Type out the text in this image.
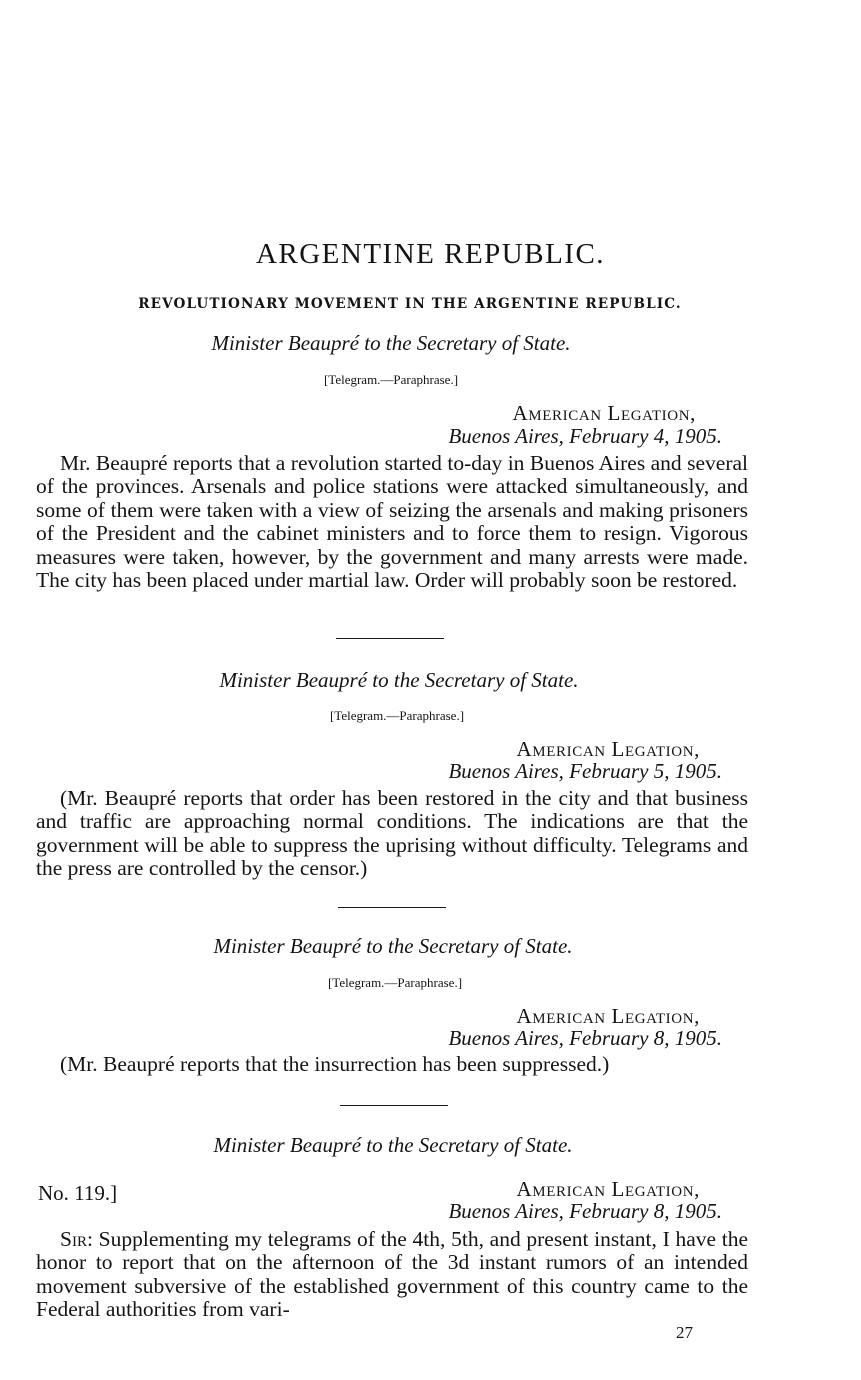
ARGENTINE REPUBLIC.
REVOLUTIONARY MOVEMENT IN THE ARGENTINE REPUBLIC.
Minister Beaupré to the Secretary of State.
[Telegram.—Paraphrase.]
American Legation,
Buenos Aires, February 4, 1905.
Mr. Beaupré reports that a revolution started to-day in Buenos Aires and several of the provinces. Arsenals and police stations were attacked simultaneously, and some of them were taken with a view of seizing the arsenals and making prisoners of the President and the cabinet ministers and to force them to resign. Vigorous measures were taken, however, by the government and many arrests were made. The city has been placed under martial law. Order will probably soon be restored.
Minister Beaupré to the Secretary of State.
[Telegram.—Paraphrase.]
American Legation,
Buenos Aires, February 5, 1905.
(Mr. Beaupré reports that order has been restored in the city and that business and traffic are approaching normal conditions. The indications are that the government will be able to suppress the uprising without difficulty. Telegrams and the press are controlled by the censor.)
Minister Beaupré to the Secretary of State.
[Telegram.—Paraphrase.]
American Legation,
Buenos Aires, February 8, 1905.
(Mr. Beaupré reports that the insurrection has been suppressed.)
Minister Beaupré to the Secretary of State.
No. 119.]	American Legation,
Buenos Aires, February 8, 1905.
Sir: Supplementing my telegrams of the 4th, 5th, and present instant, I have the honor to report that on the afternoon of the 3d instant rumors of an intended movement subversive of the established government of this country came to the Federal authorities from vari-
27
